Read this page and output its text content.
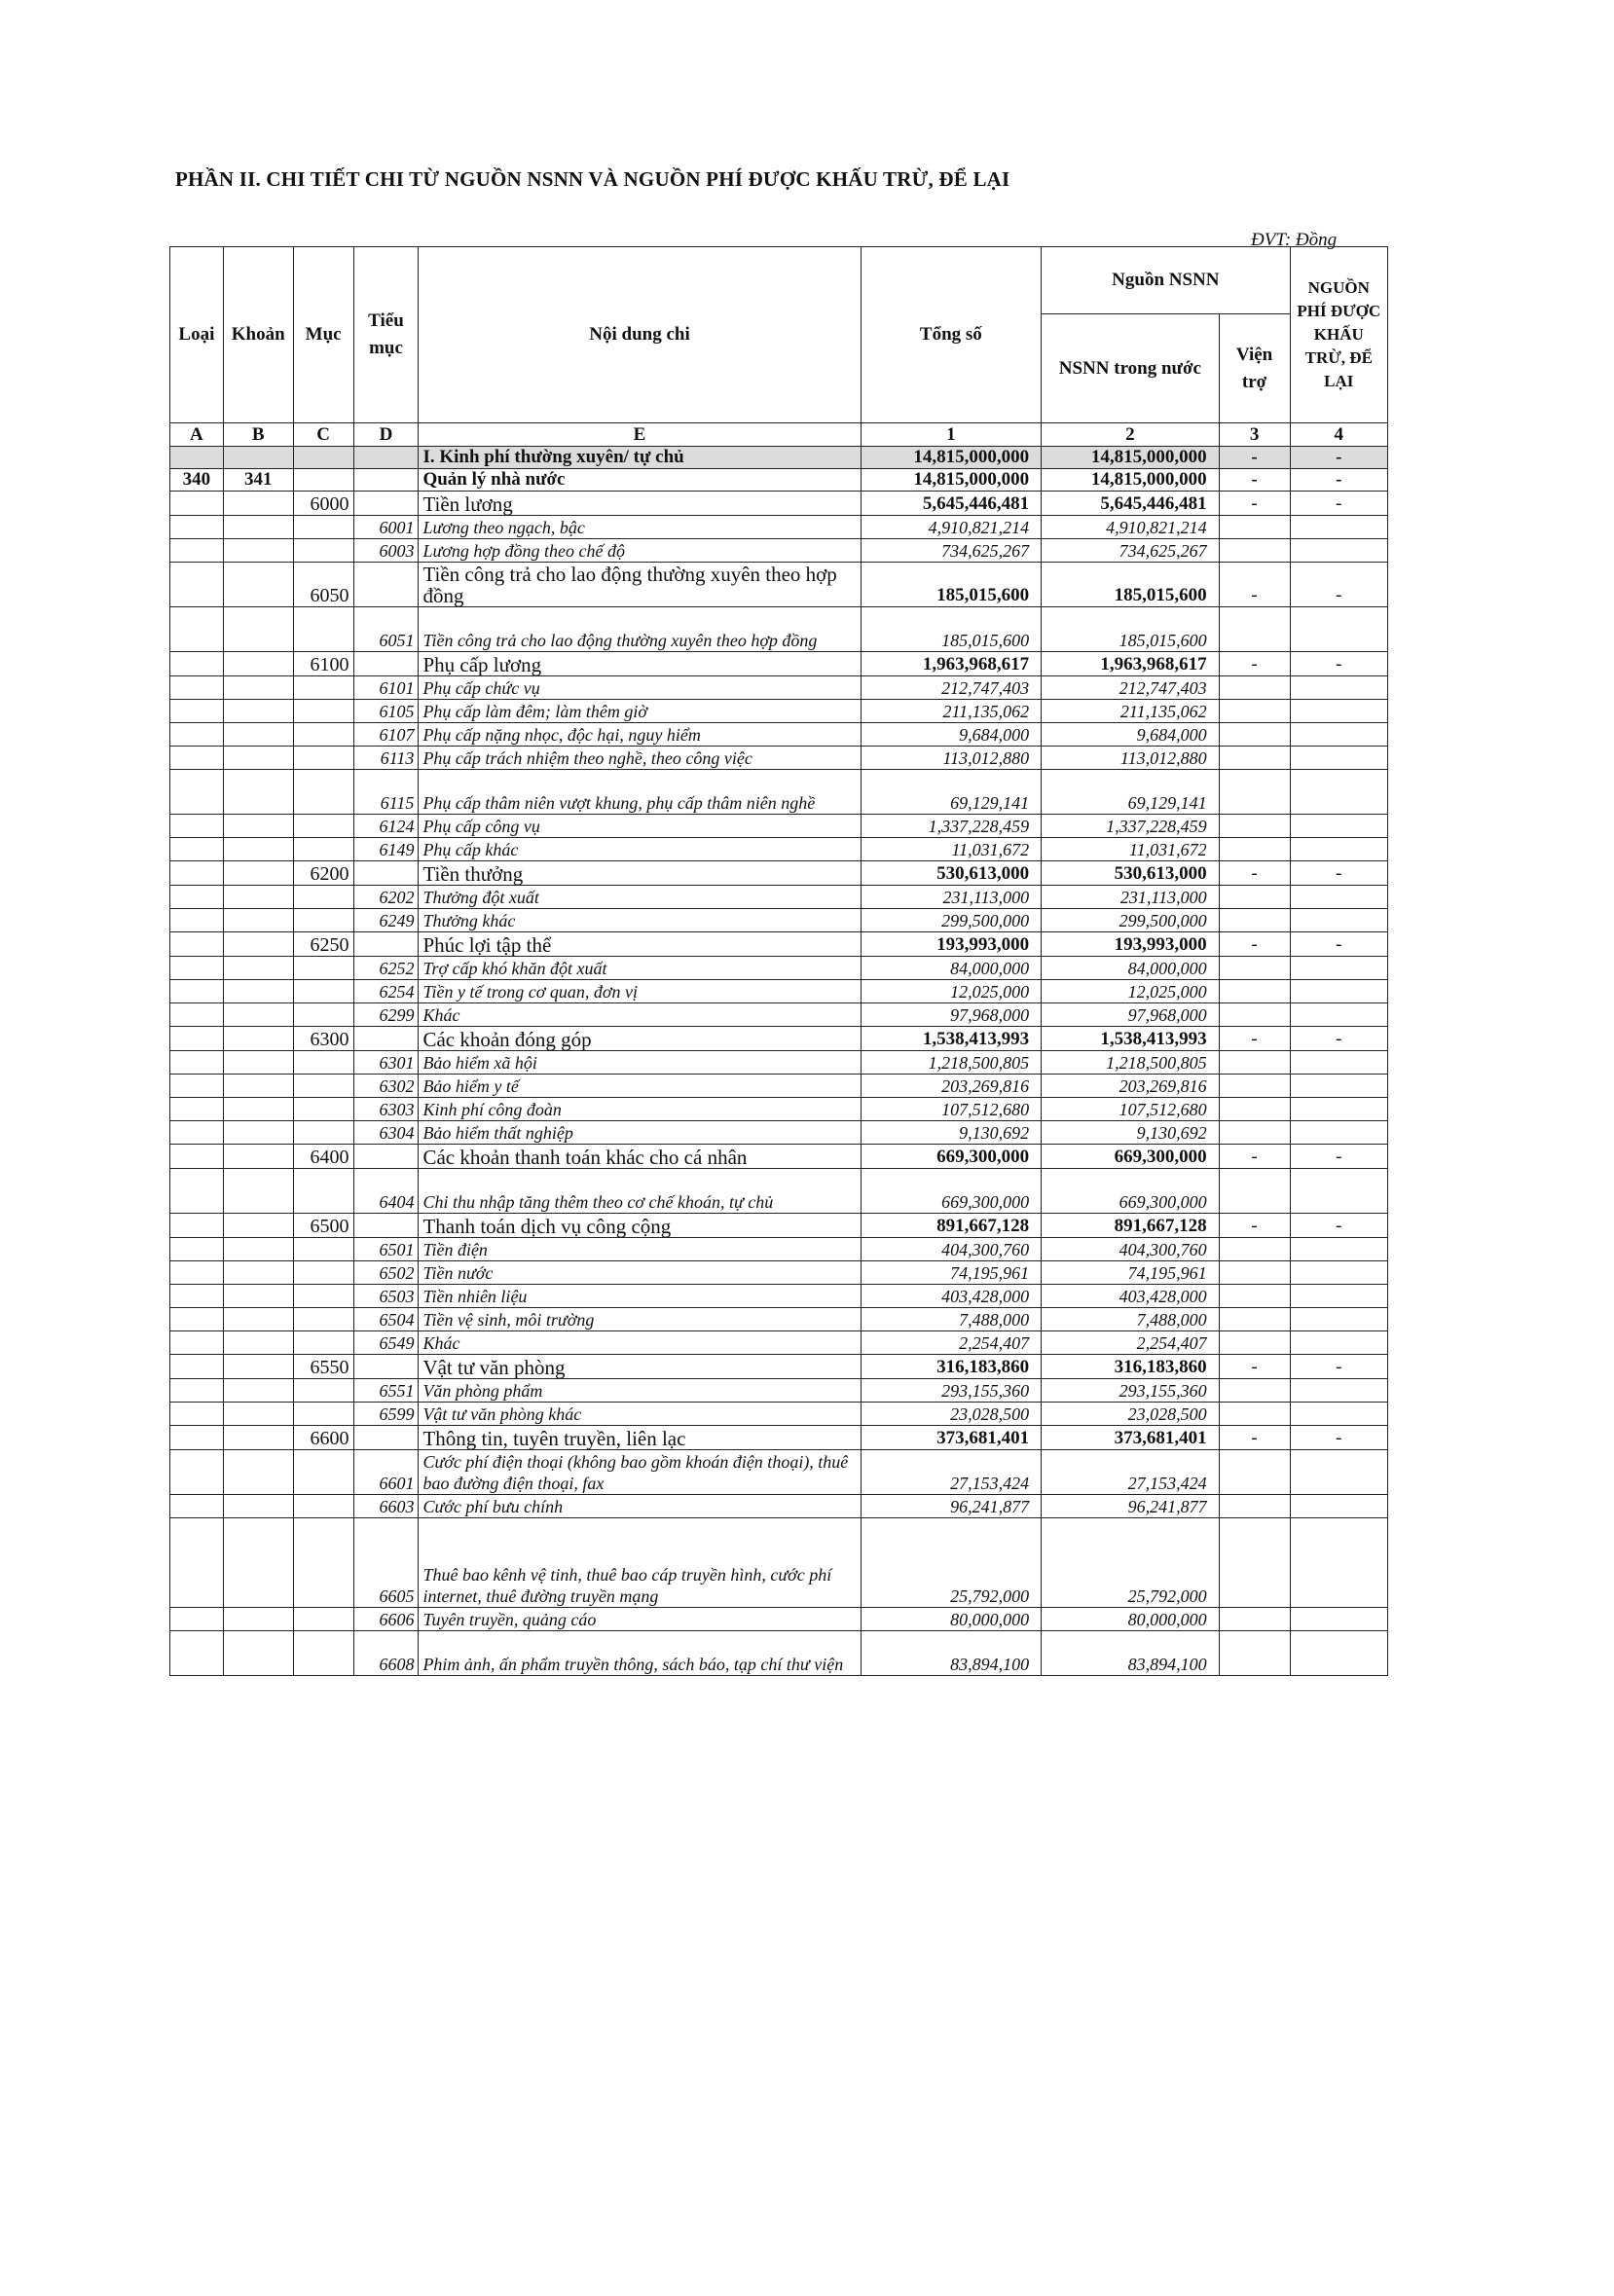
PHẦN II. CHI TIẾT CHI TỪ NGUỒN NSNN VÀ NGUỒN PHÍ ĐƯỢC KHẤU TRỪ, ĐỂ LẠI
ĐVT: Đồng
Loại	Khoản	Mục	Tiểu mục	Nội dung chi	Tổng số	Nguồn NSNN		NGUỒN PHÍ ĐƯỢC KHẤU TRỪ, ĐỂ LẠI
						NSNN trong nước	Viện trợ	
A	B	C	D	E	1	2	3	4
				I. Kinh phí thường xuyên/ tự chủ	14,815,000,000	14,815,000,000	-	-
340	341			Quản lý nhà nước	14,815,000,000	14,815,000,000	-	-
		6000		Tiền lương	5,645,446,481	5,645,446,481	-	-
			6001	Lương theo ngạch, bậc	4,910,821,214	4,910,821,214		
			6003	Lương hợp đồng theo chế độ	734,625,267	734,625,267		
		6050		Tiền công trả cho lao động thường xuyên theo hợp đồng	185,015,600	185,015,600	-	-
			6051	Tiền công trả cho lao động thường xuyên theo hợp đồng	185,015,600	185,015,600		
		6100		Phụ cấp lương	1,963,968,617	1,963,968,617	-	-
			6101	Phụ cấp chức vụ	212,747,403	212,747,403		
			6105	Phụ cấp làm đêm; làm thêm giờ	211,135,062	211,135,062		
			6107	Phụ cấp nặng nhọc, độc hại, nguy hiểm	9,684,000	9,684,000		
			6113	Phụ cấp trách nhiệm theo nghề, theo công việc	113,012,880	113,012,880		
			6115	Phụ cấp thâm niên vượt khung, phụ cấp thâm niên nghề	69,129,141	69,129,141		
			6124	Phụ cấp công vụ	1,337,228,459	1,337,228,459		
			6149	Phụ cấp khác	11,031,672	11,031,672		
		6200		Tiền thưởng	530,613,000	530,613,000	-	-
			6202	Thưởng đột xuất	231,113,000	231,113,000		
			6249	Thưởng khác	299,500,000	299,500,000		
		6250		Phúc lợi tập thể	193,993,000	193,993,000	-	-
			6252	Trợ cấp khó khăn đột xuất	84,000,000	84,000,000		
			6254	Tiền y tế trong cơ quan, đơn vị	12,025,000	12,025,000		
			6299	Khác	97,968,000	97,968,000		
		6300		Các khoản đóng góp	1,538,413,993	1,538,413,993	-	-
			6301	Bảo hiểm xã hội	1,218,500,805	1,218,500,805		
			6302	Bảo hiểm y tế	203,269,816	203,269,816		
			6303	Kinh phí công đoàn	107,512,680	107,512,680		
			6304	Bảo hiểm thất nghiệp	9,130,692	9,130,692		
		6400		Các khoản thanh toán khác cho cá nhân	669,300,000	669,300,000	-	-
			6404	Chi thu nhập tăng thêm theo cơ chế khoán, tự chủ	669,300,000	669,300,000		
		6500		Thanh toán dịch vụ công cộng	891,667,128	891,667,128	-	-
			6501	Tiền điện	404,300,760	404,300,760		
			6502	Tiền nước	74,195,961	74,195,961		
			6503	Tiền nhiên liệu	403,428,000	403,428,000		
			6504	Tiền vệ sinh, môi trường	7,488,000	7,488,000		
			6549	Khác	2,254,407	2,254,407		
		6550		Vật tư văn phòng	316,183,860	316,183,860	-	-
			6551	Văn phòng phẩm	293,155,360	293,155,360		
			6599	Vật tư văn phòng khác	23,028,500	23,028,500		
		6600		Thông tin, tuyên truyền, liên lạc	373,681,401	373,681,401	-	-
			6601	Cước phí điện thoại (không bao gồm khoán điện thoại), thuê bao đường điện thoại, fax	27,153,424	27,153,424		
			6603	Cước phí bưu chính	96,241,877	96,241,877		
			6605	Thuê bao kênh vệ tinh, thuê bao cáp truyền hình, cước phí internet, thuê đường truyền mạng	25,792,000	25,792,000		
			6606	Tuyên truyền, quảng cáo	80,000,000	80,000,000		
			6608	Phim ảnh, ấn phẩm truyền thông, sách báo, tạp chí thư viện	83,894,100	83,894,100		
